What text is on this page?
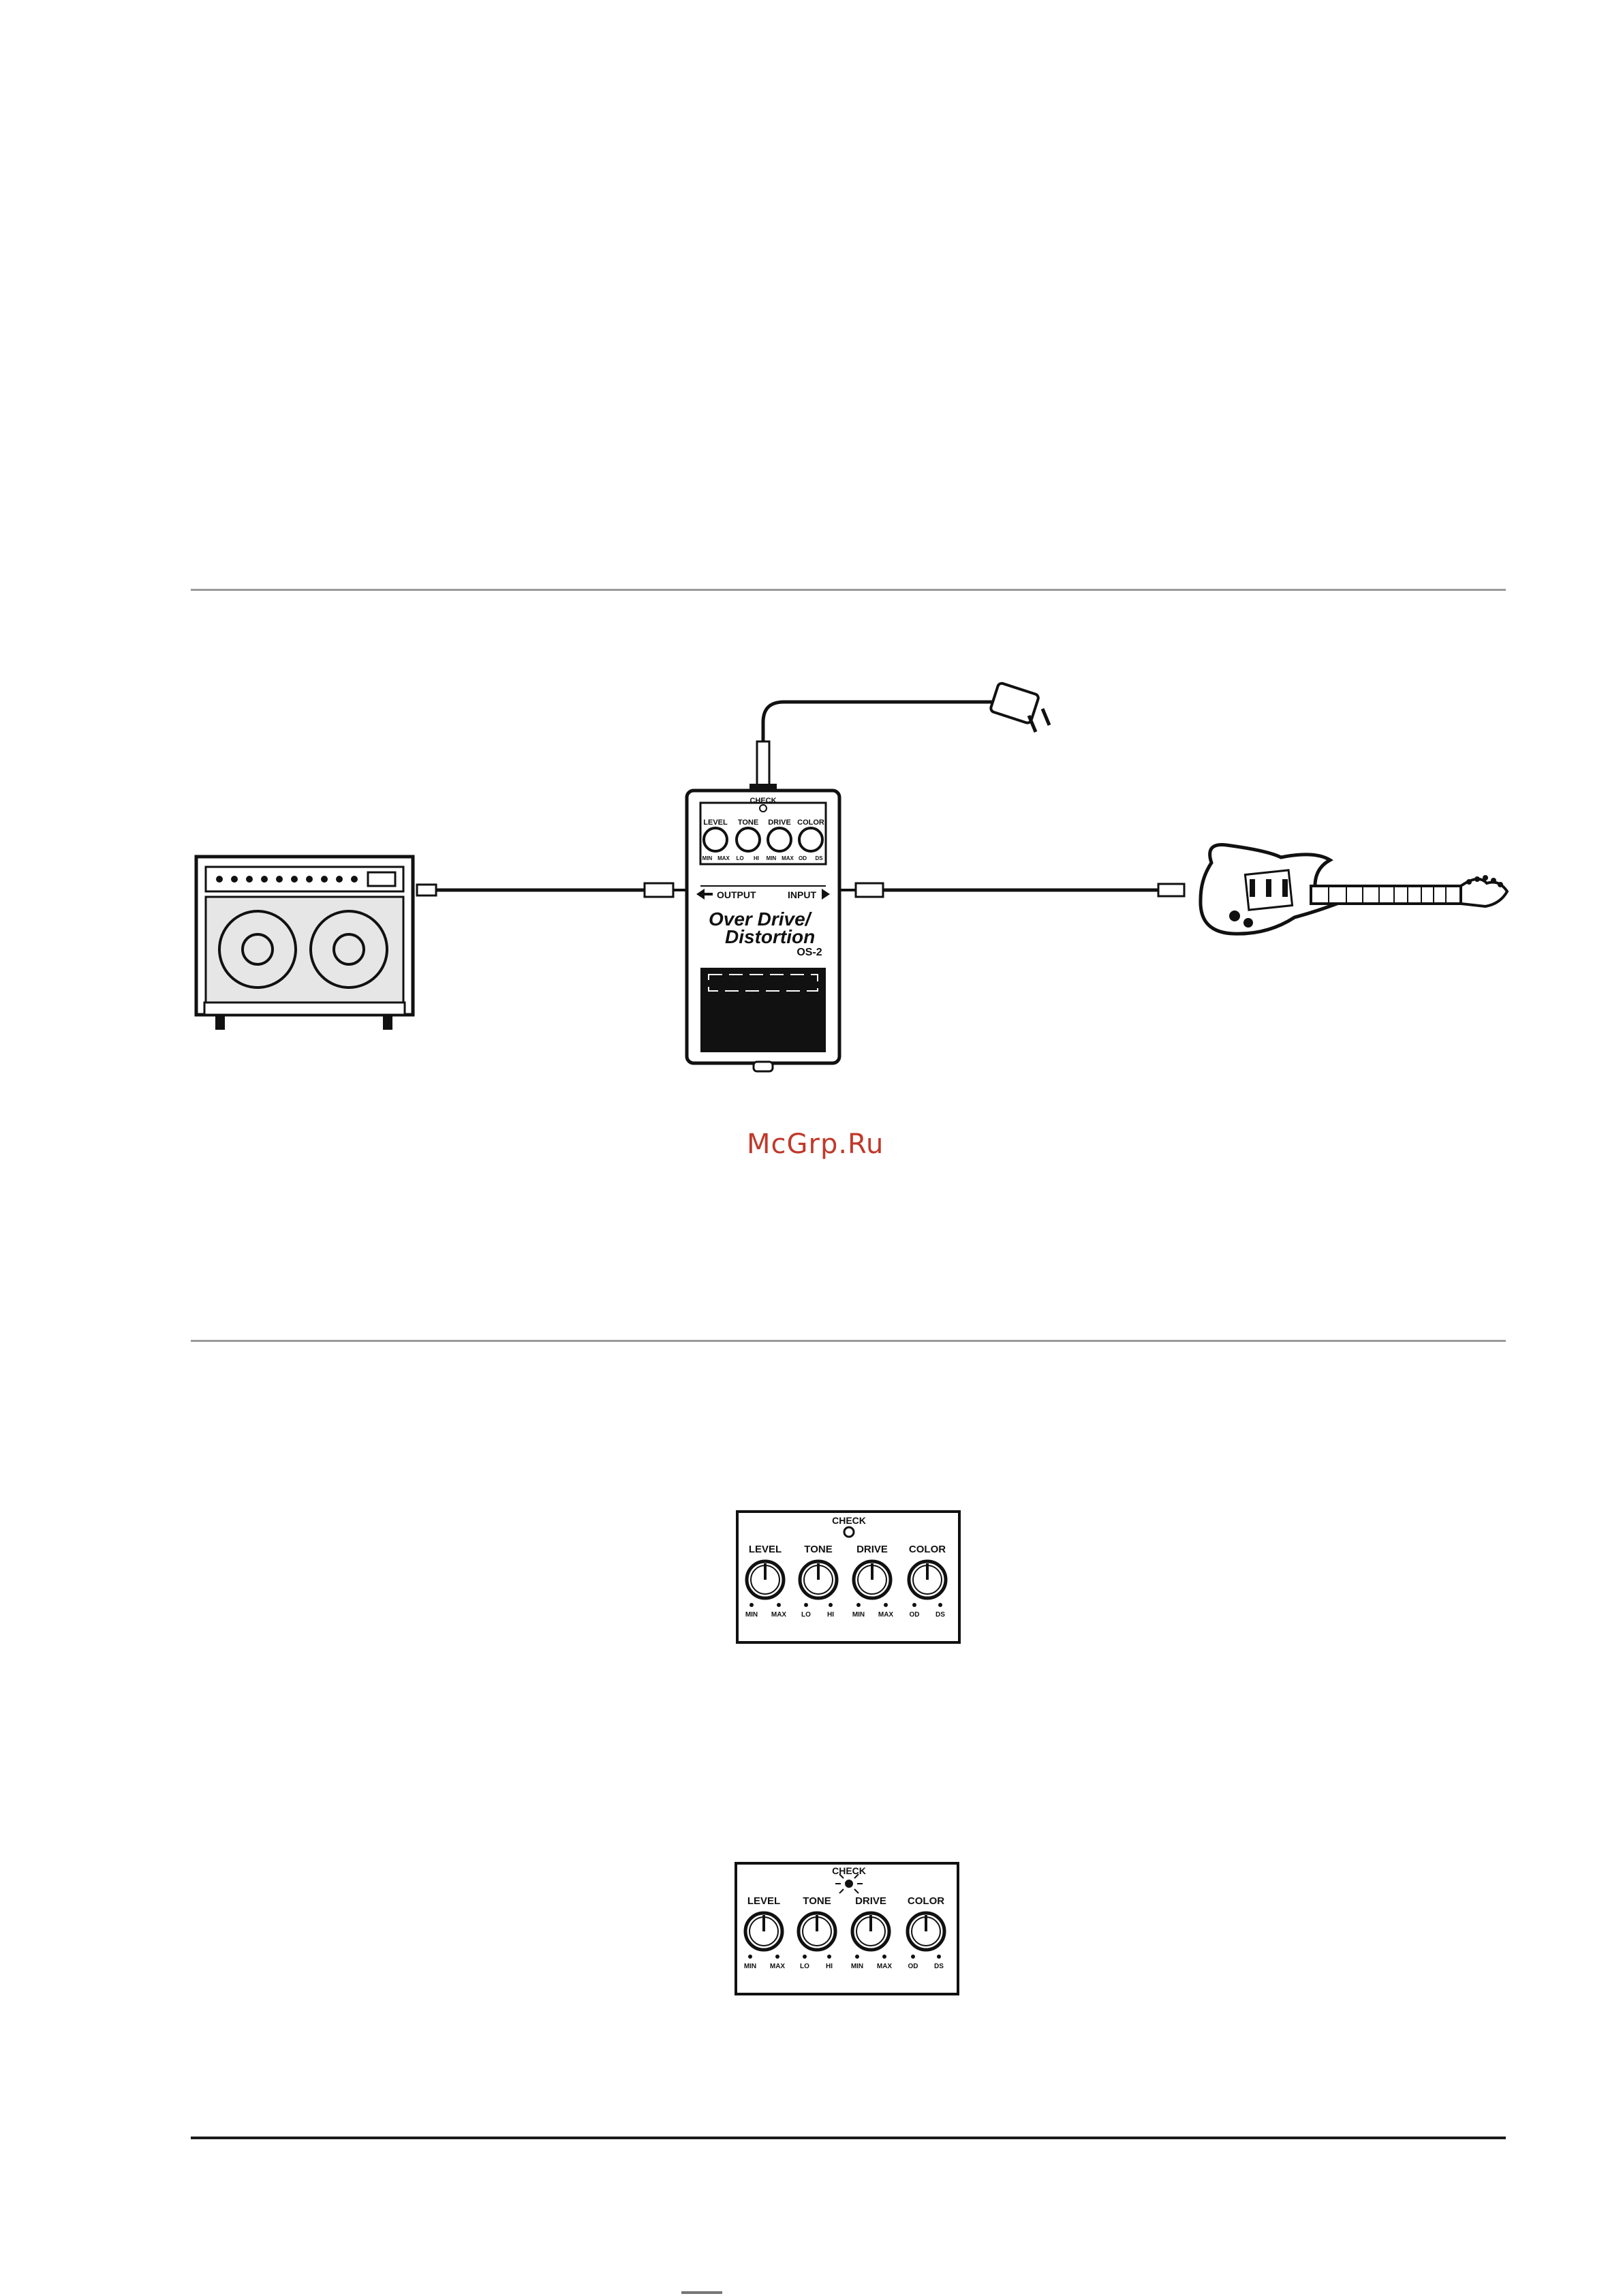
CHECK
LEVEL TONE DRIVE COLOR
MIN MAX LO HI MIN MAX OD DS
OUTPUT	INPUT
Over Drive/
Distortion
OS-2
McGrp.Ru
CHECK
LEVEL
MIN MAX
TONE
LO HI
DRIVE
MIN MAX
COLOR
OD DS
CHECK
LEVEL
MIN MAX
TONE
LO HI
DRIVE
MIN MAX
COLOR
OD DS
